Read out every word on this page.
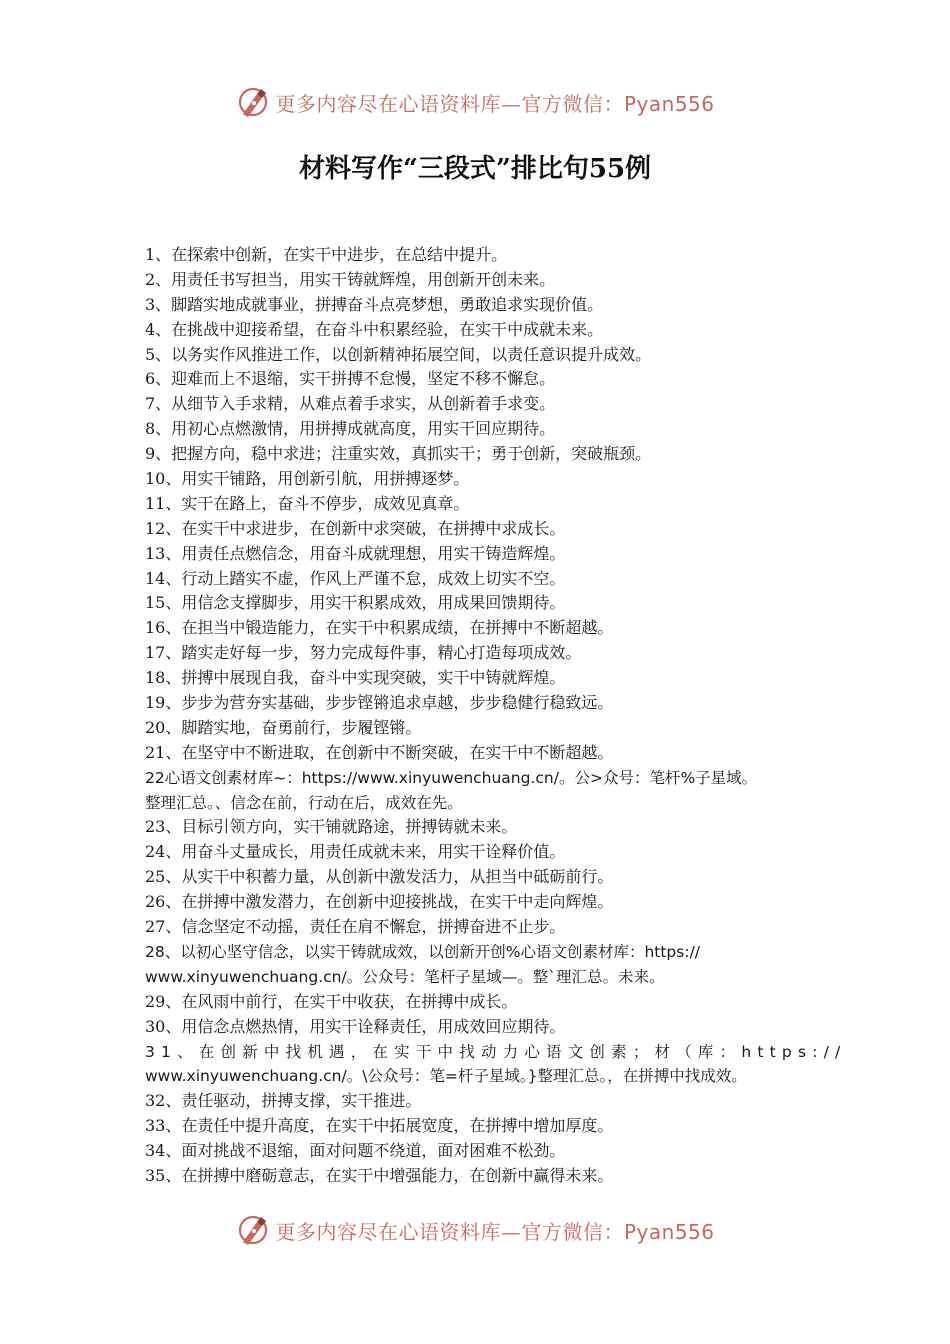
更多内容尽在心语资料库—官方微信：Pyan556
材料写作“三段式”排比句55例
1、在探索中创新，在实干中进步，在总结中提升。
2、用责任书写担当，用实干铸就辉煌，用创新开创未来。
3、脚踏实地成就事业，拼搏奋斗点亮梦想，勇敢追求实现价值。
4、在挑战中迎接希望，在奋斗中积累经验，在实干中成就未来。
5、以务实作风推进工作，以创新精神拓展空间，以责任意识提升成效。
6、迎难而上不退缩，实干拼搏不怠慢，坚定不移不懈怠。
7、从细节入手求精，从难点着手求实，从创新着手求变。
8、用初心点燃激情，用拼搏成就高度，用实干回应期待。
9、把握方向，稳中求进；注重实效，真抓实干；勇于创新，突破瓶颈。
10、用实干铺路，用创新引航，用拼搏逐梦。
11、实干在路上，奋斗不停步，成效见真章。
12、在实干中求进步，在创新中求突破，在拼搏中求成长。
13、用责任点燃信念，用奋斗成就理想，用实干铸造辉煌。
14、行动上踏实不虚，作风上严谨不怠，成效上切实不空。
15、用信念支撑脚步，用实干积累成效，用成果回馈期待。
16、在担当中锻造能力，在实干中积累成绩，在拼搏中不断超越。
17、踏实走好每一步，努力完成每件事，精心打造每项成效。
18、拼搏中展现自我，奋斗中实现突破，实干中铸就辉煌。
19、步步为营夯实基础，步步铿锵追求卓越，步步稳健行稳致远。
20、脚踏实地，奋勇前行，步履铿锵。
21、在坚守中不断进取，在创新中不断突破，在实干中不断超越。
22心语文创素材库~：https://www.xinyuwenchuang.cn/。公>众号：笔杆%子星域。
整理汇总。、信念在前，行动在后，成效在先。
23、目标引领方向，实干铺就路途，拼搏铸就未来。
24、用奋斗丈量成长，用责任成就未来，用实干诠释价值。
25、从实干中积蓄力量，从创新中激发活力，从担当中砥砺前行。
26、在拼搏中激发潜力，在创新中迎接挑战，在实干中走向辉煌。
27、信念坚定不动摇，责任在肩不懈怠，拼搏奋进不止步。
28、以初心坚守信念，以实干铸就成效，以创新开创%心语文创素材库：https://
www.xinyuwenchuang.cn/。公众号：笔杆子星域—。整`理汇总。未来。
29、在风雨中前行，在实干中收获，在拼搏中成长。
30、用信念点燃热情，用实干诠释责任，用成效回应期待。
31、在创新中找机遇，在实干中找动力心语文创素；材（库：https://
www.xinyuwenchuang.cn/。\公众号：笔=杆子星域。}整理汇总。，在拼搏中找成效。
32、责任驱动，拼搏支撑，实干推进。
33、在责任中提升高度，在实干中拓展宽度，在拼搏中增加厚度。
34、面对挑战不退缩，面对问题不绕道，面对困难不松劲。
35、在拼搏中磨砺意志，在实干中增强能力，在创新中赢得未来。
更多内容尽在心语资料库—官方微信：Pyan556
